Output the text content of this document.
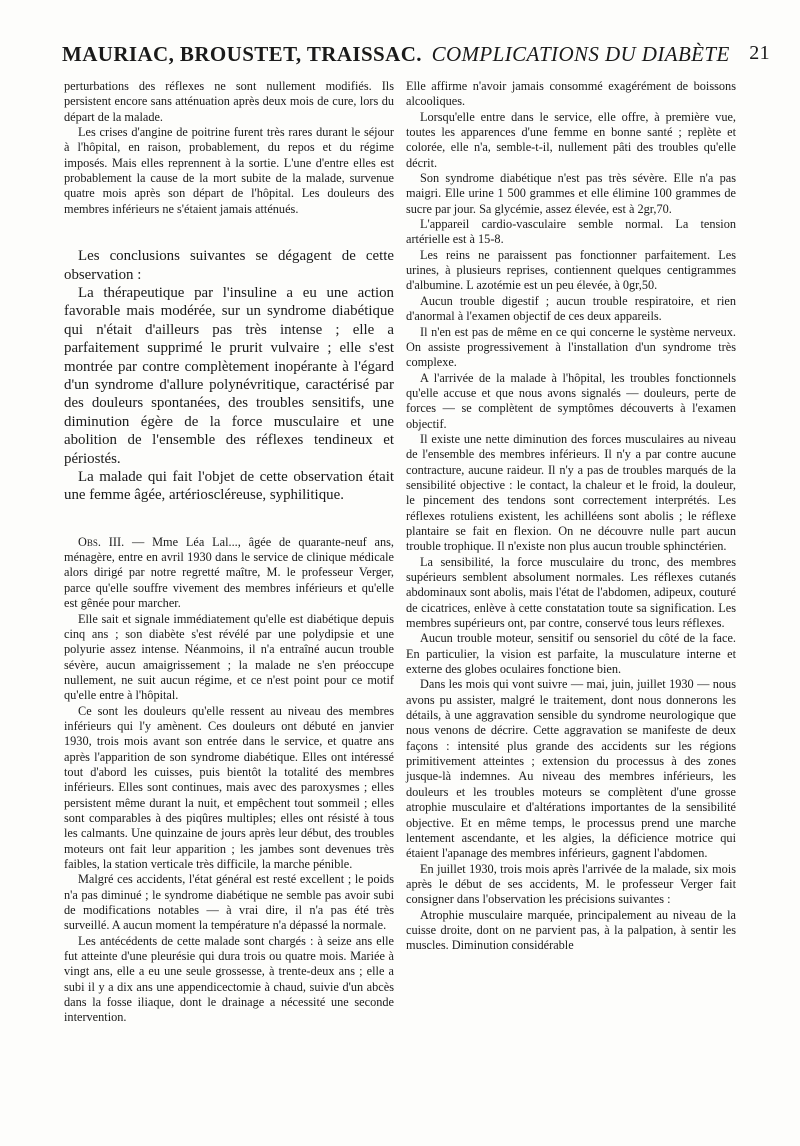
MAURIAC, BROUSTET, TRAISSAC. COMPLICATIONS DU DIABÈTE 21

perturbations des réflexes ne sont nullement modifiés. Ils persistent encore sans atténuation après deux mois de cure, lors du départ de la malade.

Les crises d'angine de poitrine furent très rares durant le séjour à l'hôpital, en raison, probablement, du repos et du régime imposés. Mais elles reprennent à la sortie. L'une d'entre elles est probablement la cause de la mort subite de la malade, survenue quatre mois après son départ de l'hôpital. Les douleurs des membres inférieurs ne s'étaient jamais atténués.

Les conclusions suivantes se dégagent de cette observation :

La thérapeutique par l'insuline a eu une action favorable mais modérée, sur un syndrome diabétique qui n'était d'ailleurs pas très intense ; elle a parfaitement supprimé le prurit vulvaire ; elle s'est montrée par contre complètement inopérante à l'égard d'un syndrome d'allure polynévritique, caractérisé par des douleurs spontanées, des troubles sensitifs, une diminution égère de la force musculaire et une abolition de l'ensemble des réflexes tendineux et périostés.

La malade qui fait l'objet de cette observation était une femme âgée, artérioscléreuse, syphilitique.

Obs. III. — Mme Léa Lal..., âgée de quarante-neuf ans, ménagère, entre en avril 1930 dans le service de clinique médicale alors dirigé par notre regretté maître, M. le professeur Verger, parce qu'elle souffre vivement des membres inférieurs et qu'elle est gênée pour marcher.

Elle sait et signale immédiatement qu'elle est diabétique depuis cinq ans ; son diabète s'est révélé par une polydipsie et une polyurie assez intense. Néanmoins, il n'a entraîné aucun trouble sévère, aucun amaigrissement ; la malade ne s'en préoccupe nullement, ne suit aucun régime, et ce n'est point pour ce motif qu'elle entre à l'hôpital.

Ce sont les douleurs qu'elle ressent au niveau des membres inférieurs qui l'y amènent. Ces douleurs ont débuté en janvier 1930, trois mois avant son entrée dans le service, et quatre ans après l'apparition de son syndrome diabétique. Elles ont intéressé tout d'abord les cuisses, puis bientôt la totalité des membres inférieurs. Elles sont continues, mais avec des paroxysmes ; elles persistent même durant la nuit, et empêchent tout sommeil ; elles sont comparables à des piqûres multiples; elles ont résisté à tous les calmants. Une quinzaine de jours après leur début, des troubles moteurs ont fait leur apparition ; les jambes sont devenues très faibles, la station verticale très difficile, la marche pénible.

Malgré ces accidents, l'état général est resté excellent ; le poids n'a pas diminué ; le syndrome diabétique ne semble pas avoir subi de modifications notables — à vrai dire, il n'a pas été très surveillé. A aucun moment la température n'a dépassé la normale.

Les antécédents de cette malade sont chargés : à seize ans elle fut atteinte d'une pleurésie qui dura trois ou quatre mois. Mariée à vingt ans, elle a eu une seule grossesse, à trente-deux ans ; elle a subi il y a dix ans une appendicectomie à chaud, suivie d'un abcès dans la fosse iliaque, dont le drainage a nécessité une seconde intervention.

Elle affirme n'avoir jamais consommé exagérément de boissons alcooliques.

Lorsqu'elle entre dans le service, elle offre, à première vue, toutes les apparences d'une femme en bonne santé ; replète et colorée, elle n'a, semble-t-il, nullement pâti des troubles qu'elle décrit.

Son syndrome diabétique n'est pas très sévère. Elle n'a pas maigri. Elle urine 1 500 grammes et elle élimine 100 grammes de sucre par jour. Sa glycémie, assez élevée, est à 2gr,70.

L'appareil cardio-vasculaire semble normal. La tension artérielle est à 15-8.

Les reins ne paraissent pas fonctionner parfaitement. Les urines, à plusieurs reprises, contiennent quelques centigrammes d'albumine. L azotémie est un peu élevée, à 0gr,50.

Aucun trouble digestif ; aucun trouble respiratoire, et rien d'anormal à l'examen objectif de ces deux appareils.

Il n'en est pas de même en ce qui concerne le système nerveux. On assiste progressivement à l'installation d'un syndrome très complexe.

A l'arrivée de la malade à l'hôpital, les troubles fonctionnels qu'elle accuse et que nous avons signalés — douleurs, perte de forces — se complètent de symptômes découverts à l'examen objectif.

Il existe une nette diminution des forces musculaires au niveau de l'ensemble des membres inférieurs. Il n'y a par contre aucune contracture, aucune raideur. Il n'y a pas de troubles marqués de la sensibilité objective : le contact, la chaleur et le froid, la douleur, le pincement des tendons sont correctement interprétés. Les réflexes rotuliens existent, les achilléens sont abolis ; le réflexe plantaire se fait en flexion. On ne découvre nulle part aucun trouble trophique. Il n'existe non plus aucun trouble sphinctérien.

La sensibilité, la force musculaire du tronc, des membres supérieurs semblent absolument normales. Les réflexes cutanés abdominaux sont abolis, mais l'état de l'abdomen, adipeux, couturé de cicatrices, enlève à cette constatation toute sa signification. Les membres supérieurs ont, par contre, conservé tous leurs réflexes.

Aucun trouble moteur, sensitif ou sensoriel du côté de la face. En particulier, la vision est parfaite, la musculature interne et externe des globes oculaires fonctione bien.

Dans les mois qui vont suivre — mai, juin, juillet 1930 — nous avons pu assister, malgré le traitement, dont nous donnerons les détails, à une aggravation sensible du syndrome neurologique que nous venons de décrire. Cette aggravation se manifeste de deux façons : intensité plus grande des accidents sur les régions primitivement atteintes ; extension du processus à des zones jusque-là indemnes. Au niveau des membres inférieurs, les douleurs et les troubles moteurs se complètent d'une grosse atrophie musculaire et d'altérations importantes de la sensibilité objective. Et en même temps, le processus prend une marche lentement ascendante, et les algies, la déficience motrice qui étaient l'apanage des membres inférieurs, gagnent l'abdomen.

En juillet 1930, trois mois après l'arrivée de la malade, six mois après le début de ses accidents, M. le professeur Verger fait consigner dans l'observation les précisions suivantes :

Atrophie musculaire marquée, principalement au niveau de la cuisse droite, dont on ne parvient pas, à la palpation, à sentir les muscles. Diminution considérable
